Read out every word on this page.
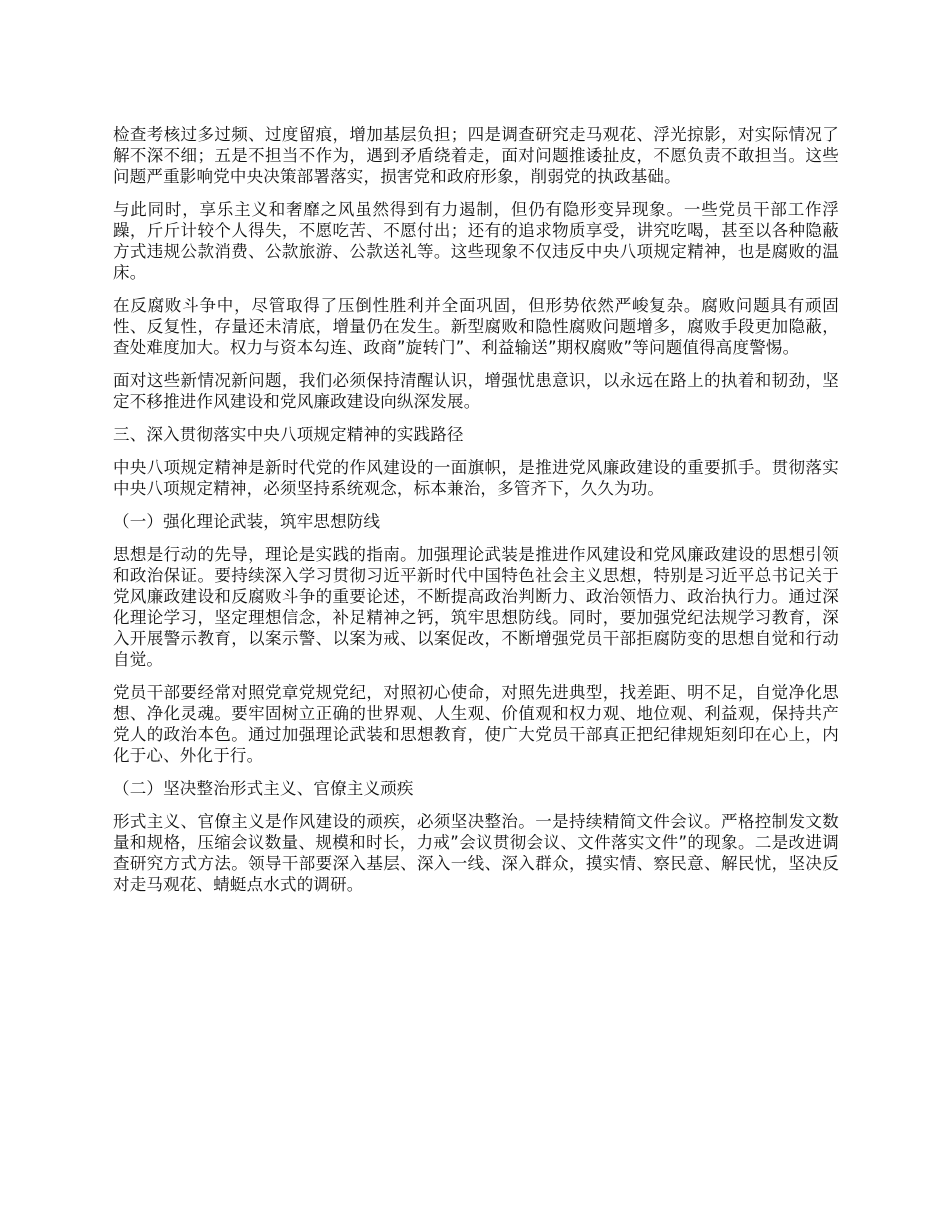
检查考核过多过频、过度留痕，增加基层负担；四是调查研究走马观花、浮光掠影，对实际情况了解不深不细；五是不担当不作为，遇到矛盾绕着走，面对问题推诿扯皮，不愿负责不敢担当。这些问题严重影响党中央决策部署落实，损害党和政府形象，削弱党的执政基础。

与此同时，享乐主义和奢靡之风虽然得到有力遏制，但仍有隐形变异现象。一些党员干部工作浮躁，斤斤计较个人得失，不愿吃苦、不愿付出；还有的追求物质享受，讲究吃喝，甚至以各种隐蔽方式违规公款消费、公款旅游、公款送礼等。这些现象不仅违反中央八项规定精神，也是腐败的温床。

在反腐败斗争中，尽管取得了压倒性胜利并全面巩固，但形势依然严峻复杂。腐败问题具有顽固性、反复性，存量还未清底，增量仍在发生。新型腐败和隐性腐败问题增多，腐败手段更加隐蔽，查处难度加大。权力与资本勾连、政商”旋转门”、利益输送”期权腐败”等问题值得高度警惕。

面对这些新情况新问题，我们必须保持清醒认识，增强忧患意识，以永远在路上的执着和韧劲，坚定不移推进作风建设和党风廉政建设向纵深发展。

三、深入贯彻落实中央八项规定精神的实践路径

中央八项规定精神是新时代党的作风建设的一面旗帜，是推进党风廉政建设的重要抓手。贯彻落实中央八项规定精神，必须坚持系统观念，标本兼治，多管齐下，久久为功。

（一）强化理论武装，筑牢思想防线

思想是行动的先导，理论是实践的指南。加强理论武装是推进作风建设和党风廉政建设的思想引领和政治保证。要持续深入学习贯彻习近平新时代中国特色社会主义思想，特别是习近平总书记关于党风廉政建设和反腐败斗争的重要论述，不断提高政治判断力、政治领悟力、政治执行力。通过深化理论学习，坚定理想信念，补足精神之钙，筑牢思想防线。同时，要加强党纪法规学习教育，深入开展警示教育，以案示警、以案为戒、以案促改，不断增强党员干部拒腐防变的思想自觉和行动自觉。

党员干部要经常对照党章党规党纪，对照初心使命，对照先进典型，找差距、明不足，自觉净化思想、净化灵魂。要牢固树立正确的世界观、人生观、价值观和权力观、地位观、利益观，保持共产党人的政治本色。通过加强理论武装和思想教育，使广大党员干部真正把纪律规矩刻印在心上，内化于心、外化于行。

（二）坚决整治形式主义、官僚主义顽疾

形式主义、官僚主义是作风建设的顽疾，必须坚决整治。一是持续精简文件会议。严格控制发文数量和规格，压缩会议数量、规模和时长，力戒”会议贯彻会议、文件落实文件”的现象。二是改进调查研究方式方法。领导干部要深入基层、深入一线、深入群众，摸实情、察民意、解民忧，坚决反对走马观花、蜻蜓点水式的调研。
